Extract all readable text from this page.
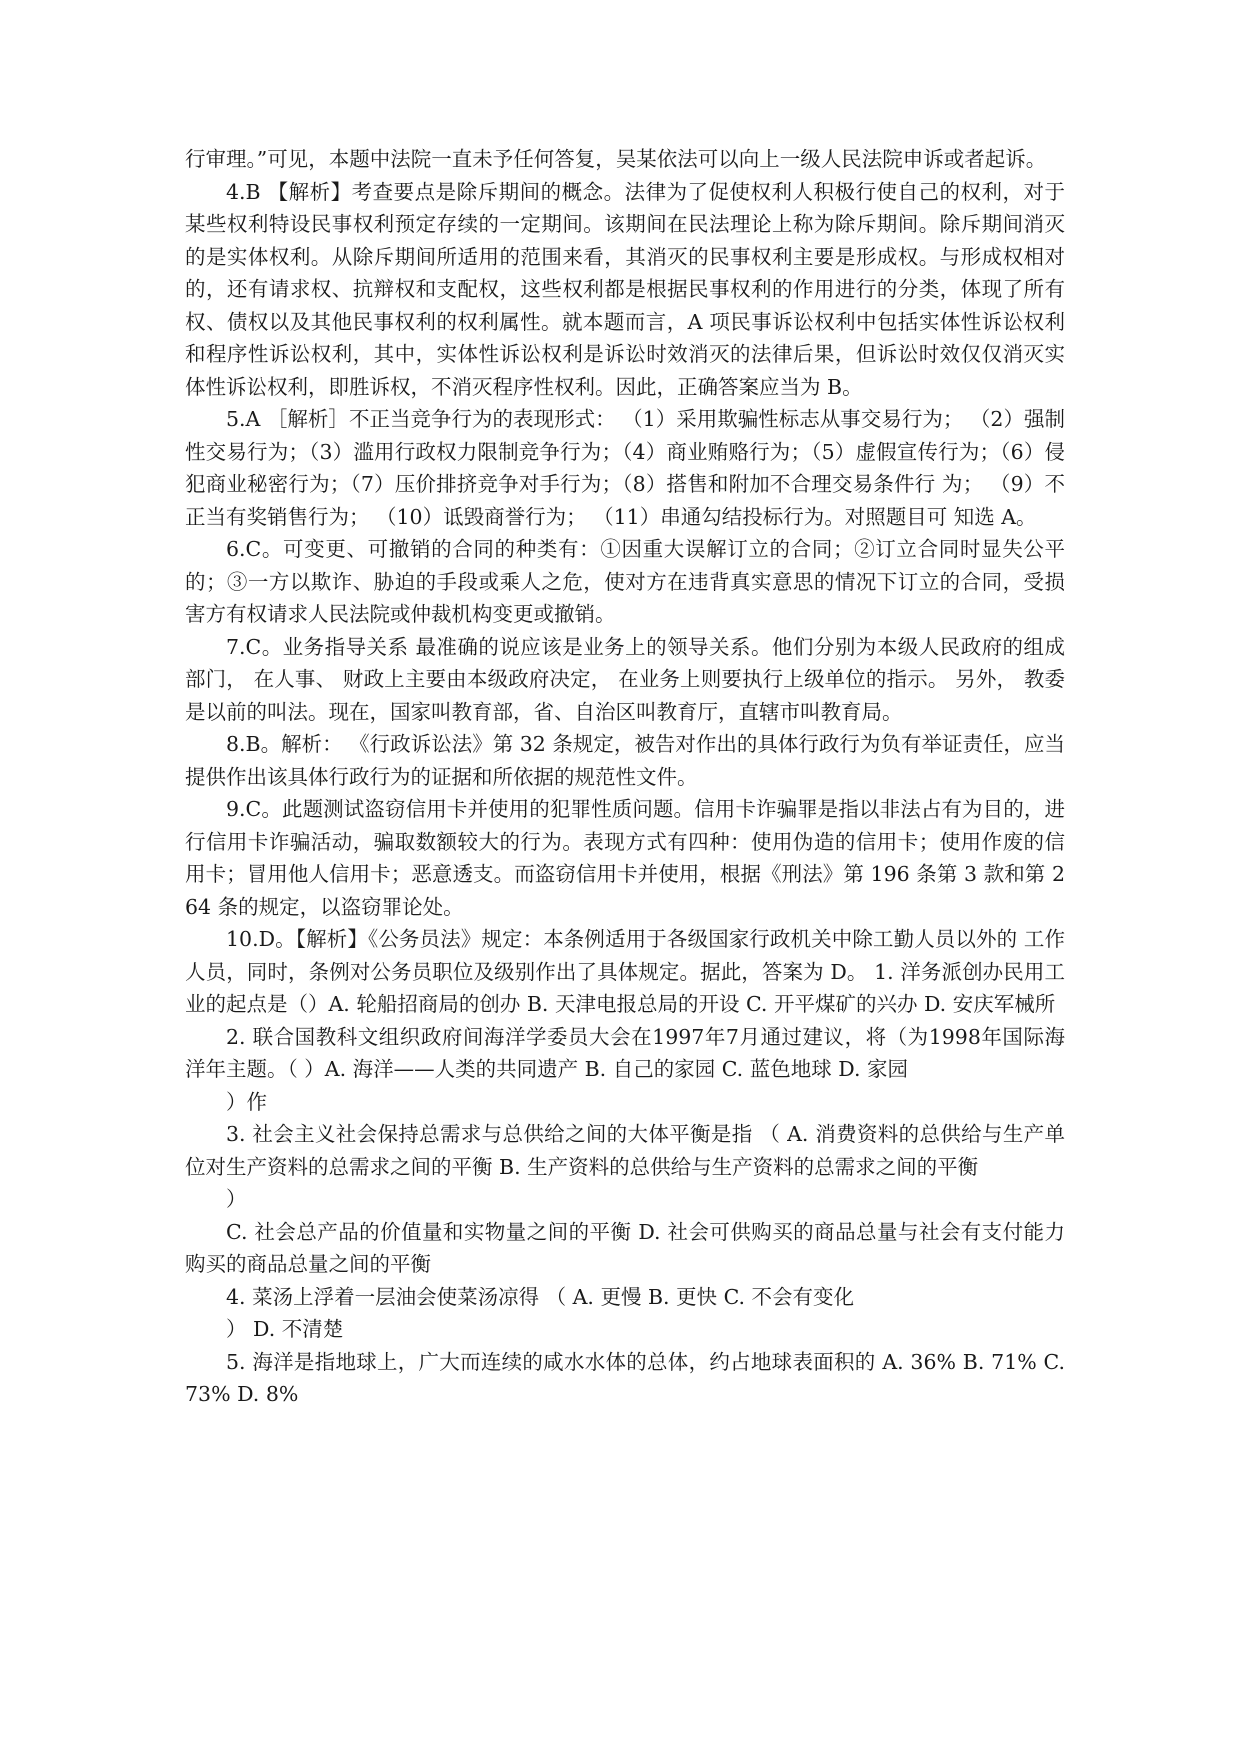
行审理。”可见，本题中法院一直未予任何答复，吴某依法可以向上一级人民法院申诉或者起诉。

4.B 【解析】考查要点是除斥期间的概念。法律为了促使权利人积极行使自己的权利，对于某些权利特设民事权利预定存续的一定期间。该期间在民法理论上称为除斥期间。除斥期间消灭的是实体权利。从除斥期间所适用的范围来看，其消灭的民事权利主要是形成权。与形成权相对的，还有请求权、抗辩权和支配权，这些权利都是根据民事权利的作用进行的分类，体现了所有权、债权以及其他民事权利的权利属性。就本题而言，A 项民事诉讼权利中包括实体性诉讼权利和程序性诉讼权利，其中，实体性诉讼权利是诉讼时效消灭的法律后果，但诉讼时效仅仅消灭实体性诉讼权利，即胜诉权，不消灭程序性权利。因此，正确答案应当为 B。

5.A ［解析］不正当竞争行为的表现形式： （1）采用欺骗性标志从事交易行为； （2）强制性交易行为；（3）滥用行政权力限制竞争行为；（4）商业贿赂行为；（5）虚假宣传行为；（6）侵犯商业秘密行为；（7）压价排挤竞争对手行为；（8）搭售和附加不合理交易条件行 为； （9）不正当有奖销售行为； （10）诋毁商誉行为； （11）串通勾结投标行为。对照题目可 知选 A。

6.C。可变更、可撤销的合同的种类有：①因重大误解订立的合同；②订立合同时显失公平的；③一方以欺诈、胁迫的手段或乘人之危，使对方在违背真实意思的情况下订立的合同，受损害方有权请求人民法院或仲裁机构变更或撤销。

7.C。业务指导关系 最准确的说应该是业务上的领导关系。他们分别为本级人民政府的组成部门， 在人事、 财政上主要由本级政府决定， 在业务上则要执行上级单位的指示。 另外， 教委是以前的叫法。现在，国家叫教育部，省、自治区叫教育厅，直辖市叫教育局。

8.B。解析： 《行政诉讼法》第 32 条规定，被告对作出的具体行政行为负有举证责任，应当提供作出该具体行政行为的证据和所依据的规范性文件。

9.C。此题测试盗窃信用卡并使用的犯罪性质问题。信用卡诈骗罪是指以非法占有为目的，进行信用卡诈骗活动，骗取数额较大的行为。表现方式有四种：使用伪造的信用卡；使用作废的信用卡；冒用他人信用卡；恶意透支。而盗窃信用卡并使用，根据《刑法》第 196 条第 3 款和第 264 条的规定，以盗窃罪论处。

10.D。【解析】《公务员法》规定：本条例适用于各级国家行政机关中除工勤人员以外的 工作人员，同时，条例对公务员职位及级别作出了具体规定。据此，答案为 D。 1. 洋务派创办民用工业的起点是（）A. 轮船招商局的创办 B. 天津电报总局的开设 C. 开平煤矿的兴办 D. 安庆军械所

2. 联合国教科文组织政府间海洋学委员大会在1997年7月通过建议，将（为1998年国际海洋年主题。（ ）A. 海洋——人类的共同遗产 B. 自己的家园 C. 蓝色地球 D. 家园

）作

3. 社会主义社会保持总需求与总供给之间的大体平衡是指 （ A. 消费资料的总供给与生产单位对生产资料的总需求之间的平衡 B. 生产资料的总供给与生产资料的总需求之间的平衡

）

C. 社会总产品的价值量和实物量之间的平衡 D. 社会可供购买的商品总量与社会有支付能力购买的商品总量之间的平衡

4. 菜汤上浮着一层油会使菜汤凉得 （ A. 更慢 B. 更快 C. 不会有变化

） D. 不清楚

5. 海洋是指地球上，广大而连续的咸水水体的总体，约占地球表面积的 A. 36% B. 71% C. 73% D. 8%
